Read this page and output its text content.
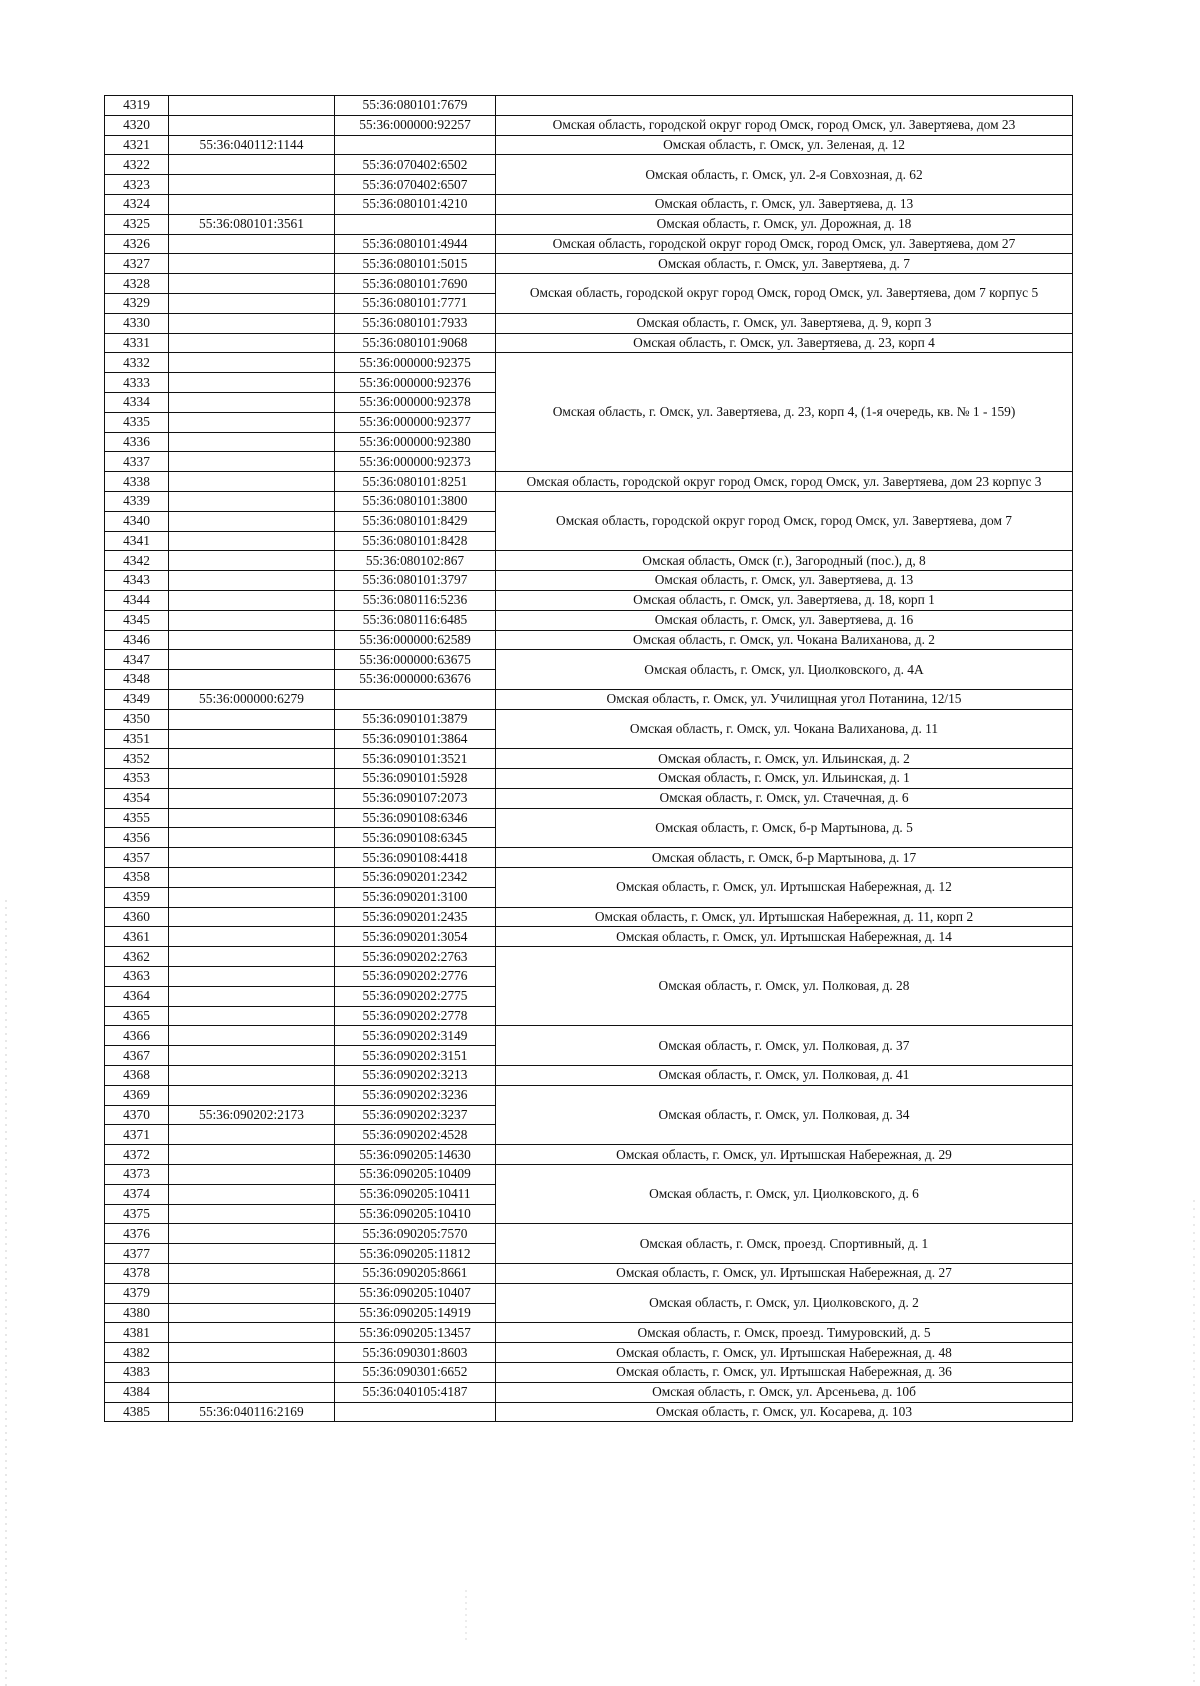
4319		55:36:080101:7679	
4320		55:36:000000:92257	Омская область, городской округ город Омск, город Омск, ул. Завертяева, дом 23
4321	55:36:040112:1144		Омская область, г. Омск, ул. Зеленая, д. 12
4322		55:36:070402:6502	Омская область, г. Омск, ул. 2-я Совхозная, д. 62
4323		55:36:070402:6507	
4324		55:36:080101:4210	Омская область, г. Омск, ул. Завертяева, д. 13
4325	55:36:080101:3561		Омская область, г. Омск, ул. Дорожная, д. 18
4326		55:36:080101:4944	Омская область, городской округ город Омск, город Омск, ул. Завертяева, дом 27
4327		55:36:080101:5015	Омская область, г. Омск, ул. Завертяева, д. 7
4328		55:36:080101:7690	Омская область, городской округ город Омск, город Омск, ул. Завертяева, дом 7 корпус 5
4329		55:36:080101:7771	
4330		55:36:080101:7933	Омская область, г. Омск, ул. Завертяева, д. 9, корп 3
4331		55:36:080101:9068	Омская область, г. Омск, ул. Завертяева, д. 23, корп 4
4332		55:36:000000:92375	Омская область, г. Омск, ул. Завертяева, д. 23, корп 4, (1-я очередь, кв. № 1 - 159)
4333		55:36:000000:92376	
4334		55:36:000000:92378	
4335		55:36:000000:92377	
4336		55:36:000000:92380	
4337		55:36:000000:92373	
4338		55:36:080101:8251	Омская область, городской округ город Омск, город Омск, ул. Завертяева, дом 23 корпус 3
4339		55:36:080101:3800	Омская область, городской округ город Омск, город Омск, ул. Завертяева, дом 7
4340		55:36:080101:8429	
4341		55:36:080101:8428	
4342		55:36:080102:867	Омская область, Омск (г.), Загородный (пос.), д, 8
4343		55:36:080101:3797	Омская область, г. Омск, ул. Завертяева, д. 13
4344		55:36:080116:5236	Омская область, г. Омск, ул. Завертяева, д. 18, корп 1
4345		55:36:080116:6485	Омская область, г. Омск, ул. Завертяева, д. 16
4346		55:36:000000:62589	Омская область, г. Омск, ул. Чокана Валиханова, д. 2
4347		55:36:000000:63675	Омская область, г. Омск, ул. Циолковского, д. 4А
4348		55:36:000000:63676	
4349	55:36:000000:6279		Омская область, г. Омск, ул. Училищная угол Потанина, 12/15
4350		55:36:090101:3879	Омская область, г. Омск, ул. Чокана Валиханова, д. 11
4351		55:36:090101:3864	
4352		55:36:090101:3521	Омская область, г. Омск, ул. Ильинская, д. 2
4353		55:36:090101:5928	Омская область, г. Омск, ул. Ильинская, д. 1
4354		55:36:090107:2073	Омская область, г. Омск, ул. Стачечная, д. 6
4355		55:36:090108:6346	Омская область, г. Омск, б-р Мартынова, д. 5
4356		55:36:090108:6345	
4357		55:36:090108:4418	Омская область, г. Омск, б-р Мартынова, д. 17
4358		55:36:090201:2342	Омская область, г. Омск, ул. Иртышская Набережная, д. 12
4359		55:36:090201:3100	
4360		55:36:090201:2435	Омская область, г. Омск, ул. Иртышская Набережная, д. 11, корп 2
4361		55:36:090201:3054	Омская область, г. Омск, ул. Иртышская Набережная, д. 14
4362		55:36:090202:2763	Омская область, г. Омск, ул. Полковая, д. 28
4363		55:36:090202:2776	
4364		55:36:090202:2775	
4365		55:36:090202:2778	
4366		55:36:090202:3149	Омская область, г. Омск, ул. Полковая, д. 37
4367		55:36:090202:3151	
4368		55:36:090202:3213	Омская область, г. Омск, ул. Полковая, д. 41
4369		55:36:090202:3236	Омская область, г. Омск, ул. Полковая, д. 34
4370	55:36:090202:2173	55:36:090202:3237	
4371		55:36:090202:4528	
4372		55:36:090205:14630	Омская область, г. Омск, ул. Иртышская Набережная, д. 29
4373		55:36:090205:10409	Омская область, г. Омск, ул. Циолковского, д. 6
4374		55:36:090205:10411	
4375		55:36:090205:10410	
4376		55:36:090205:7570	Омская область, г. Омск, проезд. Спортивный, д. 1
4377		55:36:090205:11812	
4378		55:36:090205:8661	Омская область, г. Омск, ул. Иртышская Набережная, д. 27
4379		55:36:090205:10407	Омская область, г. Омск, ул. Циолковского, д. 2
4380		55:36:090205:14919	
4381		55:36:090205:13457	Омская область, г. Омск, проезд. Тимуровский, д. 5
4382		55:36:090301:8603	Омская область, г. Омск, ул. Иртышская Набережная, д. 48
4383		55:36:090301:6652	Омская область, г. Омск, ул. Иртышская Набережная, д. 36
4384		55:36:040105:4187	Омская область, г. Омск, ул. Арсеньева, д. 10б
4385	55:36:040116:2169		Омская область, г. Омск, ул. Косарева, д. 103
